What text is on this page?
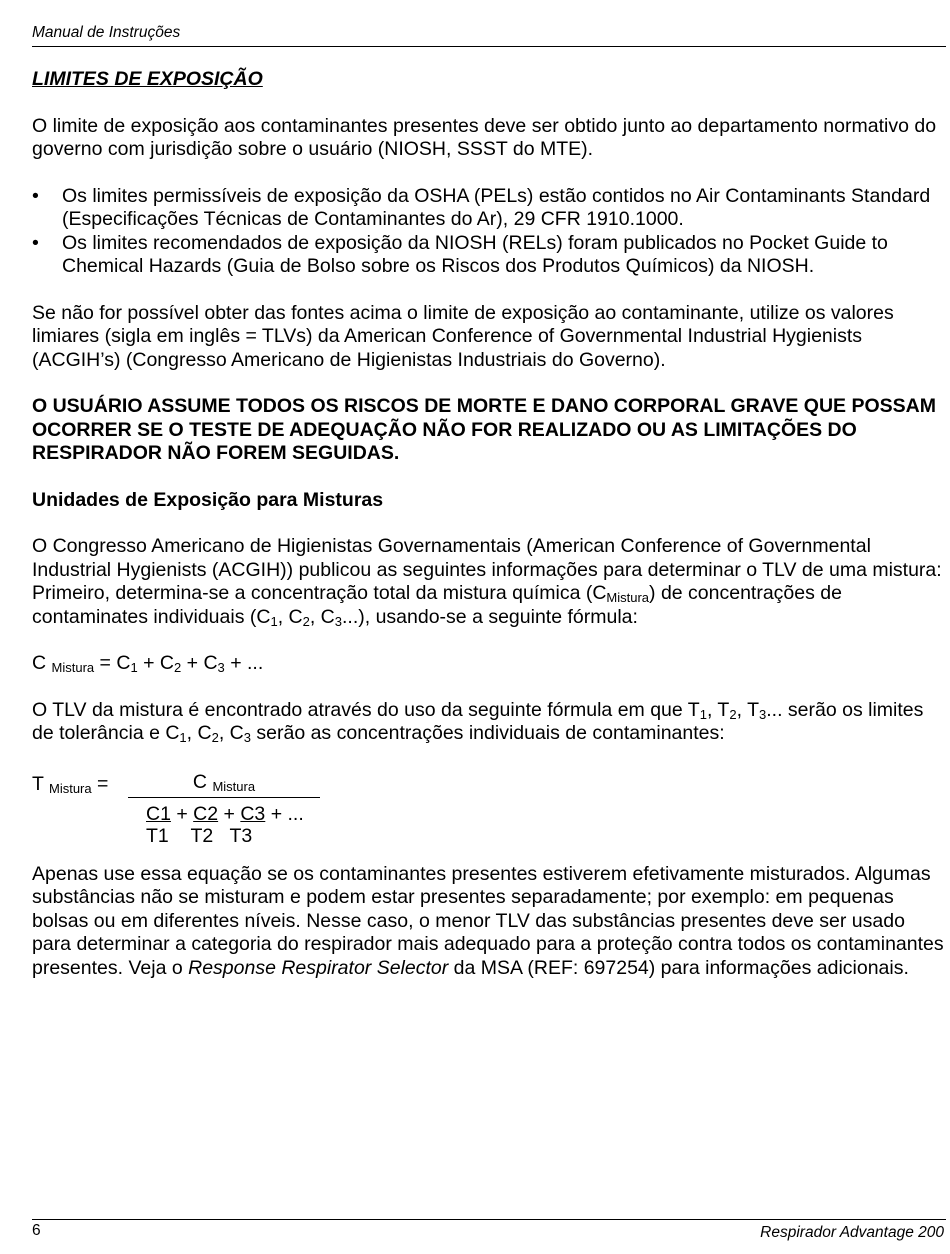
Manual de Instruções

LIMITES DE EXPOSIÇÃO

O limite de exposição aos contaminantes presentes deve ser obtido junto ao departamento normativo do governo com jurisdição sobre o usuário (NIOSH, SSST do MTE).

• Os limites permissíveis de exposição da OSHA (PELs) estão contidos no Air Contaminants Standard (Especificações Técnicas de Contaminantes do Ar), 29 CFR 1910.1000.
• Os limites recomendados de exposição da NIOSH (RELs) foram publicados no Pocket Guide to Chemical Hazards (Guia de Bolso sobre os Riscos dos Produtos Químicos) da NIOSH.

Se não for possível obter das fontes acima o limite de exposição ao contaminante, utilize os valores limiares (sigla em inglês = TLVs) da American Conference of Governmental Industrial Hygienists (ACGIH’s) (Congresso Americano de Higienistas Industriais do Governo).

O USUÁRIO ASSUME TODOS OS RISCOS DE MORTE E DANO CORPORAL GRAVE QUE POSSAM OCORRER SE O TESTE DE ADEQUAÇÃO NÃO FOR REALIZADO OU AS LIMITAÇÕES DO RESPIRADOR NÃO FOREM SEGUIDAS.

Unidades de Exposição para Misturas

O Congresso Americano de Higienistas Governamentais (American Conference of Governmental Industrial Hygienists (ACGIH)) publicou as seguintes informações para determinar o TLV de uma mistura:
Primeiro, determina-se a concentração total da mistura química $(C_{Mistura})$ de concentrações de contaminates individuais ($C_1$, $C_2$, $C_3$...), usando-se a seguinte fórmula:

C $_{Mistura} = C_1 + C_2 + C_3$ + ...

O TLV da mistura é encontrado através do uso da seguinte fórmula em que $T_1$, $T_2$, $T_3$... serão os limites de tolerância e $C_1$, $C_2$, $C_3$ serão as concentrações individuais de contaminantes:

T $_{Mistura}$ =	C $_{Mistura}$
C1 + C2 + C3 + ...
T1 T2 T3

Apenas use essa equação se os contaminantes presentes estiverem efetivamente misturados. Algumas substâncias não se misturam e podem estar presentes separadamente; por exemplo: em pequenas bolsas ou em diferentes níveis. Nesse caso, o menor TLV das substâncias presentes deve ser usado para determinar a categoria do respirador mais adequado para a proteção contra todos os contaminantes presentes. Veja o Response Respirator Selector da MSA (REF: 697254) para informações adicionais.

6	Respirador Advantage 200
